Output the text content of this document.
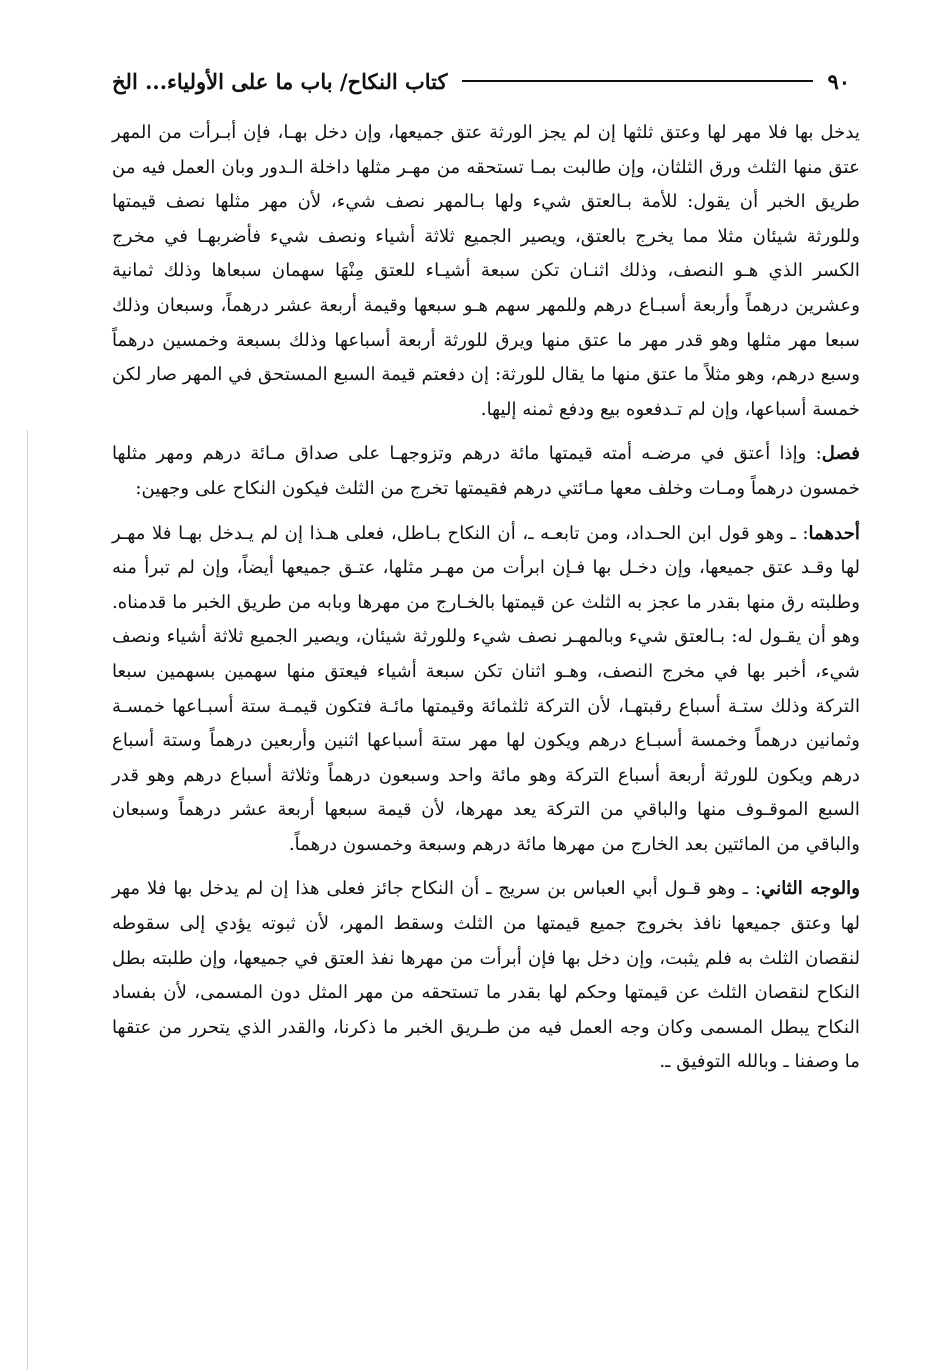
٩٠
كتاب النكاح/ باب ما على الأولياء... الخ

يدخل بها فلا مهر لها وعتق ثلثها إن لم يجز الورثة عتق جميعها، وإن دخل بهـا، فإن أبـرأت من المهر عتق منها الثلث ورق الثلثان، وإن طالبت بمـا تستحقه من مهـر مثلها داخلة الـدور وبان العمل فيه من طريق الخبر أن يقول: للأمة بـالعتق شيء ولها بـالمهر نصف شيء، لأن مهر مثلها نصف قيمتها وللورثة شيئان مثلا مما يخرج بالعتق، ويصير الجميع ثلاثة أشياء ونصف شيء فأضربهـا في مخرج الكسر الذي هـو النصف، وذلك اثنـان تكن سبعة أشيـاء للعتق مِنْهَا سهمان سبعاها وذلك ثمانية وعشرين درهماً وأربعة أسبـاع درهم وللمهر سهم هـو سبعها وقيمة أربعة عشر درهماً، وسبعان وذلك سبعا مهر مثلها وهو قدر مهر ما عتق منها ويرق للورثة أربعة أسباعها وذلك بسبعة وخمسين درهماً وسبع درهم، وهو مثلاً ما عتق منها ما يقال للورثة: إن دفعتم قيمة السبع المستحق في المهر صار لكن خمسة أسباعها، وإن لم تـدفعوه بيع ودفع ثمنه إليها.

فصل: وإذا أعتق في مرضـه أمته قيمتها مائة درهم وتزوجهـا على صداق مـائة درهم ومهر مثلها خمسون درهماً ومـات وخلف معها مـائتي درهم فقيمتها تخرج من الثلث فيكون النكاح على وجهين:

أحدهما: ـ وهو قول ابن الحـداد، ومن تابعـه ـ، أن النكاح بـاطل، فعلى هـذا إن لم يـدخل بهـا فلا مهـر لها وقـد عتق جميعها، وإن دخـل بها فـإن ابرأت من مهـر مثلها، عتـق جميعها أيضاً، وإن لم تبرأ منه وطلبته رق منها بقدر ما عجز به الثلث عن قيمتها بالخـارج من مهرها وبابه من طريق الخبر ما قدمناه. وهو أن يقـول له: بـالعتق شيء وبالمهـر نصف شيء وللورثة شيئان، ويصير الجميع ثلاثة أشياء ونصف شيء، أخبر بها في مخرج النصف، وهـو اثنان تكن سبعة أشياء فيعتق منها سهمين بسهمين سبعا التركة وذلك ستـة أسباع رقبتهـا، لأن التركة ثلثمائة وقيمتها مائـة فتكون قيمـة ستة أسبـاعها خمسـة وثمانين درهماً وخمسة أسبـاع درهم ويكون لها مهر ستة أسباعها اثنين وأربعين درهماً وستة أسباع درهم ويكون للورثة أربعة أسباع التركة وهو مائة واحد وسبعون درهماً وثلاثة أسباع درهم وهو قدر السبع الموقـوف منها والباقي من التركة يعد مهرها، لأن قيمة سبعها أربعة عشر درهماً وسبعان والباقي من المائتين بعد الخارج من مهرها مائة درهم وسبعة وخمسون درهماً.

والوجه الثاني: ـ وهو قـول أبي العباس بن سريج ـ أن النكاح جائز فعلى هذا إن لم يدخل بها فلا مهر لها وعتق جميعها نافذ بخروج جميع قيمتها من الثلث وسقط المهر، لأن ثبوته يؤدي إلى سقوطه لنقصان الثلث به فلم يثبت، وإن دخل بها فإن أبرأت من مهرها نفذ العتق في جميعها، وإن طلبته بطل النكاح لنقصان الثلث عن قيمتها وحكم لها بقدر ما تستحقه من مهر المثل دون المسمى، لأن بفساد النكاح يبطل المسمى وكان وجه العمل فيه من طـريق الخبر ما ذكرنا، والقدر الذي يتحرر من عتقها ما وصفنا ـ وبالله التوفيق ـ.
